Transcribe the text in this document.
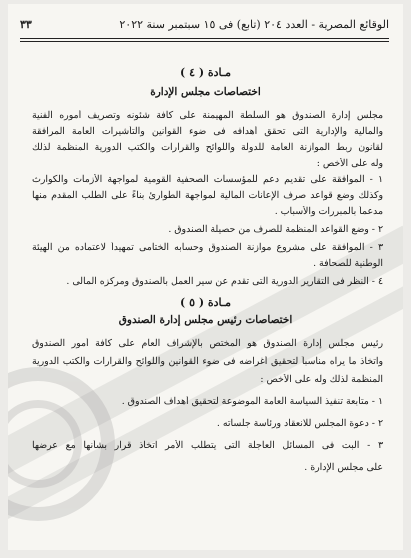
الوقائع المصرية - العدد ٢٠٤ (تابع) فى ١٥ سبتمبر سنة ٢٠٢٢
٣٣
مـادة ( ٤ )
اختصاصات مجلس الإدارة
مجلس إدارة الصندوق هو السلطة المهيمنة على كافة شئونه وتصريف أموره الفنية
والمالية والإدارية التى تحقق أهدافه فى ضوء القوانين والتأشيرات العامة المرافقة
لقانون ربط الموازنة العامة للدولة واللوائح والقرارات والكتب الدورية المنظمة لذلك
وله على الأخص :
١ - الموافقة على تقديم دعم للمؤسسات الصحفية القومية لمواجهة الأزمات والكوارث
وكذلك وضع قواعد صرف الإعانات المالية لمواجهة الطوارئ بناءً على الطلب المقدم منها
مدعماً بالمبررات والأسباب .
٢ - وضع القواعد المنظمة للصرف من حصيلة الصندوق .
٣ - الموافقة على مشروع موازنة الصندوق وحسابه الختامى تمهيداً لاعتماده من الهيئة
الوطنية للصحافة .
٤ - النظر فى التقارير الدورية التى تقدم عن سير العمل بالصندوق ومركزه المالى .
مـادة ( ٥ )
اختصاصات رئيس مجلس إدارة الصندوق
رئيس مجلس إدارة الصندوق هو المختص بالإشراف العام على كافة أمور الصندوق
واتخاذ ما يراه مناسباً لتحقيق أغراضه فى ضوء القوانين واللوائح والقرارات والكتب الدورية
المنظمة لذلك وله على الأخص :
١ - متابعة تنفيذ السياسة العامة الموضوعة لتحقيق أهداف الصندوق .
٢ - دعوة المجلس للانعقاد ورئاسة جلساته .
٣ - البت فى المسائل العاجلة التى يتطلب الأمر اتخاذ قرار بشأنها مع عرضها
على مجلس الإدارة .
